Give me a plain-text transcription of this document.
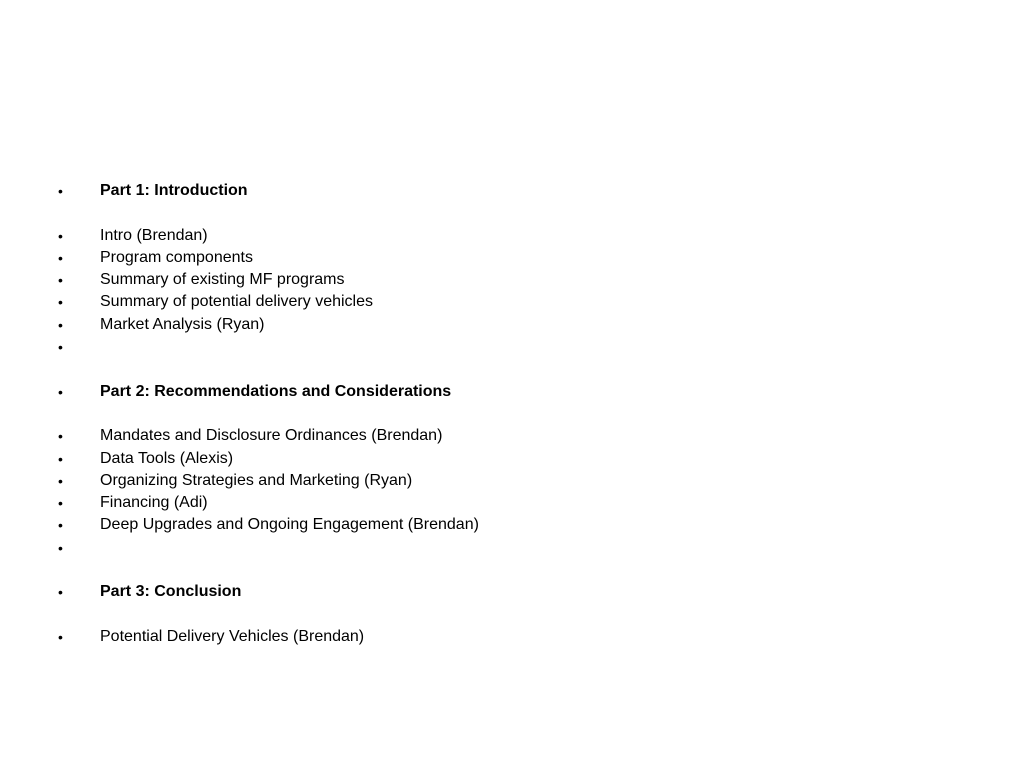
•	Part 1: Introduction
•	Intro (Brendan)
•	Program components
•	Summary of existing MF programs
•	Summary of potential delivery vehicles
•	Market Analysis (Ryan)
•
•	Part 2: Recommendations and Considerations
•	Mandates and Disclosure Ordinances (Brendan)
•	Data Tools (Alexis)
•	Organizing Strategies and Marketing (Ryan)
•	Financing (Adi)
•	Deep Upgrades and Ongoing Engagement (Brendan)
•
•	Part 3: Conclusion
•	Potential Delivery Vehicles (Brendan)
